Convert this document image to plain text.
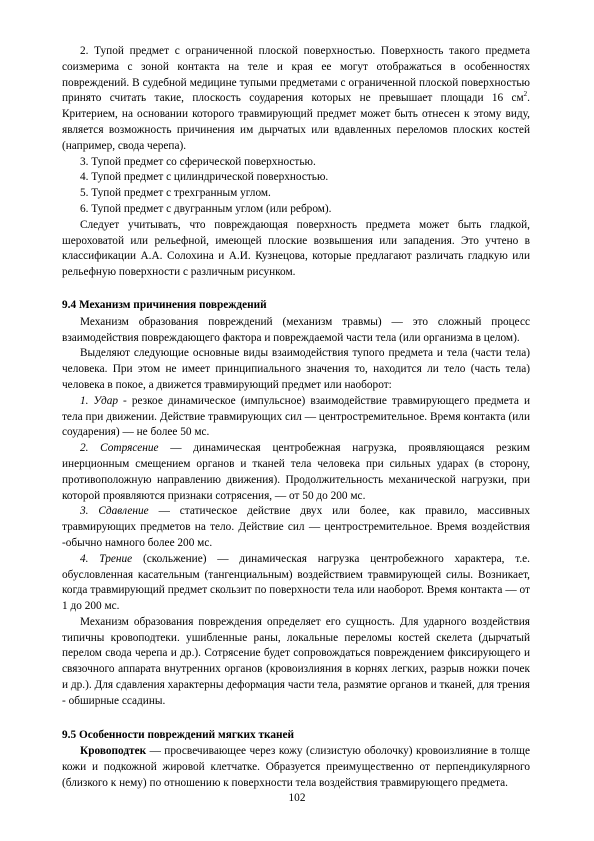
2. Тупой предмет с ограниченной плоской поверхностью. Поверхность такого предмета соизмерима с зоной контакта на теле и края ее могут отображаться в особенностях повреждений. В судебной медицине тупыми предметами с ограниченной плоской поверхностью принято считать такие, плоскость соударения которых не превышает площади 16 $см^2$. Критерием, на основании которого травмирующий предмет может быть отнесен к этому виду, является возможность причинения им дырчатых или вдавленных переломов плоских костей (например, свода черепа).

3. Тупой предмет со сферической поверхностью.

4. Тупой предмет с цилиндрической поверхностью.

5. Тупой предмет с трехгранным углом.

6. Тупой предмет с двугранным углом (или ребром).

Следует учитывать, что повреждающая поверхность предмета может быть гладкой, шероховатой или рельефной, имеющей плоские возвышения или западения. Это учтено в классификации А.А. Солохина и А.И. Кузнецова, которые предлагают различать гладкую или рельефную поверхности с различным рисунком.

9.4 Механизм причинения повреждений

Механизм образования повреждений (механизм травмы) — это сложный процесс взаимодействия повреждающего фактора и повреждаемой части тела (или организма в целом).

Выделяют следующие основные виды взаимодействия тупого предмета и тела (части тела) человека. При этом не имеет принципиального значения то, находится ли тело (часть тела) человека в покое, а движется травмирующий предмет или наоборот:

1. Удар - резкое динамическое (импульсное) взаимодействие травмирующего предмета и тела при движении. Действие травмирующих сил — центростремительное. Время контакта (или соударения) — не более 50 мс.

2. Сотрясение — динамическая центробежная нагрузка, проявляющаяся резким инерционным смещением органов и тканей тела человека при сильных ударах (в сторону, противоположную направлению движения). Продолжительность механической нагрузки, при которой проявляются признаки сотрясения, — от 50 до 200 мс.

3. Сдавление — статическое действие двух или более, как правило, массивных травмирующих предметов на тело. Действие сил — центростремительное. Время воздействия -обычно намного более 200 мс.

4. Трение (скольжение) — динамическая нагрузка центробежного характера, т.е. обусловленная касательным (тангенциальным) воздействием травмирующей силы. Возникает, когда травмирующий предмет скользит по поверхности тела или наоборот. Время контакта — от 1 до 200 мс.

Механизм образования повреждения определяет его сущность. Для ударного воздействия типичны кровоподтеки. ушибленные раны, локальные переломы костей скелета (дырчатый перелом свода черепа и др.). Сотрясение будет сопровождаться повреждением фиксирующего и связочного аппарата внутренних органов (кровоизлияния в корнях легких, разрыв ножки почек и др.). Для сдавления характерны деформация части тела, размятие органов и тканей, для трения - обширные ссадины.

9.5 Особенности повреждений мягких тканей

Кровоподтек — просвечивающее через кожу (слизистую оболочку) кровоизлияние в толще кожи и подкожной жировой клетчатке. Образуется преимущественно от перпендикулярного (близкого к нему) по отношению к поверхности тела воздействия травмирующего предмета.

102
